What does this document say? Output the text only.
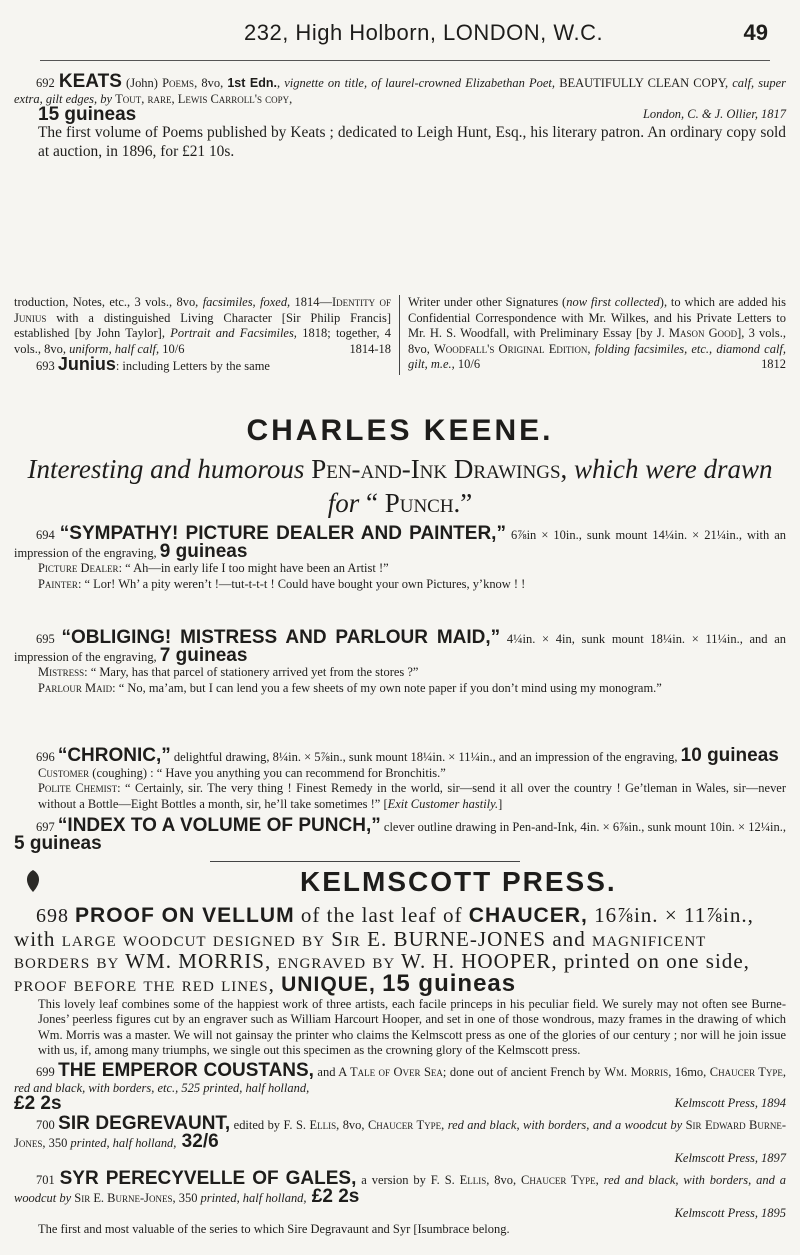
232, High Holborn, LONDON, W.C.	49
692 KEATS (John) Poems, 8vo, 1st Edn., vignette on title, of laurel-crowned Elizabethan Poet, BEAUTIFULLY CLEAN COPY, calf, super extra, gilt edges, by Tout, rare, Lewis Carroll's copy,
15 guineas	London, C. & J. Ollier, 1817
The first volume of Poems published by Keats ; dedicated to Leigh Hunt, Esq., his literary patron. An ordinary copy sold at auction, in 1896, for £21 10s.
troduction, Notes, etc., 3 vols., 8vo, facsimiles, foxed, 1814—Identity of Junius with a distinguished Living Character [Sir Philip Francis] established [by John Taylor], Portrait and Facsimiles, 1818; together, 4 vols., 8vo, uniform, half calf, 10/6	1814-18
693 Junius: including Letters by the same
Writer under other Signatures (now first collected), to which are added his Confidential Correspondence with Mr. Wilkes, and his Private Letters to Mr. H. S. Woodfall, with Preliminary Essay [by J. Mason Good], 3 vols., 8vo, Woodfall's Original Edition, folding facsimiles, etc., diamond calf, gilt, m.e., 10/6	1812
CHARLES KEENE.
Interesting and humorous Pen-and-Ink Drawings, which were drawn for “ Punch.”
694 “SYMPATHY! PICTURE DEALER AND PAINTER,” 6⅞in × 10in., sunk mount 14¼in. × 21¼in., with an impression of the engraving, 9 guineas
Picture Dealer: “ Ah—in early life I too might have been an Artist !”
Painter: “ Lor! Wh’ a pity weren’t !—tut-t-t-t ! Could have bought your own Pictures, y’know ! !
695 “OBLIGING! MISTRESS AND PARLOUR MAID,” 4¼in. × 4in, sunk mount 18¼in. × 11¼in., and an impression of the engraving, 7 guineas
Mistress: “ Mary, has that parcel of stationery arrived yet from the stores ?”
Parlour Maid: “ No, ma’am, but I can lend you a few sheets of my own note paper if you don’t mind using my monogram.”
696 “CHRONIC,” delightful drawing, 8¼in. × 5⅞in., sunk mount 18¼in. × 11¼in., and an impression of the engraving, 10 guineas
Customer (coughing) : “ Have you anything you can recommend for Bronchitis.”
Polite Chemist: “ Certainly, sir. The very thing ! Finest Remedy in the world, sir—send it all over the country ! Ge’tleman in Wales, sir—never without a Bottle—Eight Bottles a month, sir, he’ll take sometimes !” [Exit Customer hastily.]
697 “INDEX TO A VOLUME OF PUNCH,” clever outline drawing in Pen-and-Ink, 4in. × 6⅞in., sunk mount 10in. × 12¼in., 5 guineas
KELMSCOTT PRESS.
698 PROOF ON VELLUM of the last leaf of CHAUCER, 16⅞in. × 11⅞in., with large woodcut designed by Sir E. BURNE-JONES and magnificent borders by WM. MORRIS, engraved by W. H. HOOPER, printed on one side, proof before the red lines, UNIQUE, 15 guineas
This lovely leaf combines some of the happiest work of three artists, each facile princeps in his peculiar field. We surely may not often see Burne-Jones’ peerless figures cut by an engraver such as William Harcourt Hooper, and set in one of those wondrous, mazy frames in the drawing of which Wm. Morris was a master. We will not gainsay the printer who claims the Kelmscott press as one of the glories of our century ; nor will he join issue with us, if, among many triumphs, we single out this specimen as the crowning glory of the Kelmscott press.
699 THE EMPEROR COUSTANS, and A Tale of Over Sea; done out of ancient French by Wm. Morris, 16mo, Chaucer Type, red and black, with borders, etc., 525 printed, half holland,
£2 2s	Kelmscott Press, 1894
700 SIR DEGREVAUNT, edited by F. S. Ellis, 8vo, Chaucer Type, red and black, with borders, and a woodcut by Sir Edward Burne-Jones, 350 printed, half holland, 32/6
Kelmscott Press, 1897
701 SYR PERECYVELLE OF GALES, a version by F. S. Ellis, 8vo, Chaucer Type, red and black, with borders, and a woodcut by Sir E. Burne-Jones, 350 printed, half holland, £2 2s
Kelmscott Press, 1895
The first and most valuable of the series to which Sire Degravaunt and Syr [Isumbrace belong.
